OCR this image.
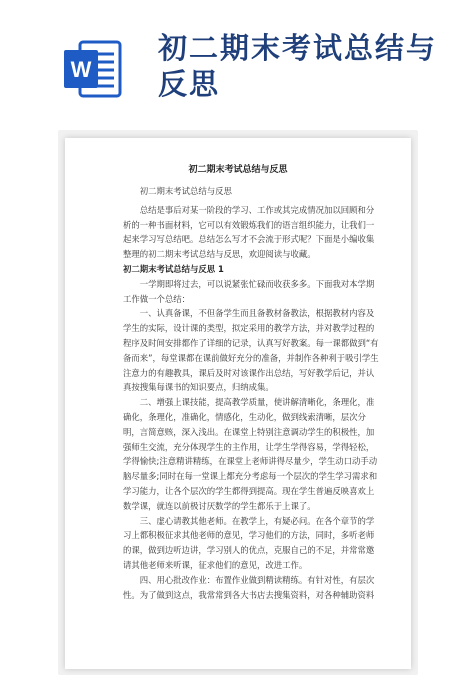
W
初二期末考试总结与反思
初二期末考试总结与反思

初二期末考试总结与反思

总结是事后对某一阶段的学习、工作或其完成情况加以回顾和分析的一种书面材料，它可以有效锻炼我们的语言组织能力，让我们一起来学习写总结吧。总结怎么写才不会流于形式呢？下面是小编收集整理的初二期末考试总结与反思，欢迎阅读与收藏。

初二期末考试总结与反思 1

一学期即将过去，可以说紧张忙碌而收获多多。下面我对本学期工作做一个总结：

一、认真备课，不但备学生而且备教材备教法，根据教材内容及学生的实际，设计课的类型，拟定采用的教学方法，并对教学过程的程序及时间安排都作了详细的记录，认真写好教案。每一课都做到“有备而来”，每堂课都在课前做好充分的准备，并制作各种利于吸引学生注意力的有趣教具，课后及时对该课作出总结，写好教学后记，并认真按搜集每课书的知识要点，归纳成集。

二、增强上课技能，提高教学质量，使讲解清晰化，条理化，准确化，条理化，准确化，情感化，生动化，做到线索清晰，层次分明，言简意赅，深入浅出。在课堂上特别注意调动学生的积极性，加强师生交流，充分体现学生的主作用，让学生学得容易，学得轻松，学得愉快;注意精讲精练，在课堂上老师讲得尽量少，学生动口动手动脑尽量多;同时在每一堂课上都充分考虑每一个层次的学生学习需求和学习能力，让各个层次的学生都得到提高。现在学生普遍反映喜欢上数学课，就连以前极讨厌数学的学生都乐于上课了。

三、虚心请教其他老师。在教学上，有疑必问。在各个章节的学习上都积极征求其他老师的意见，学习他们的方法，同时，多听老师的课，做到边听边讲，学习别人的优点，克服自己的不足，并常常邀请其他老师来听课，征求他们的意见，改进工作。

四、用心批改作业：布置作业做到精读精练。有针对性，有层次性。为了做到这点，我常常到各大书店去搜集资料，对各种辅助资料
